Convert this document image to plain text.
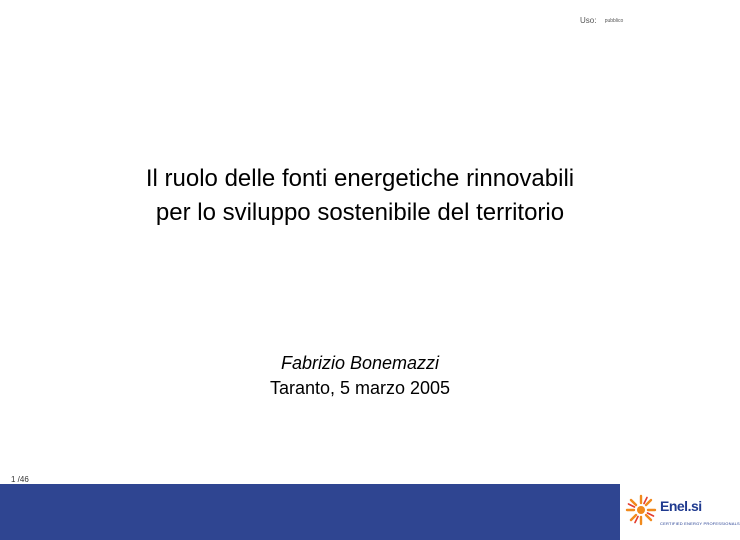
Uso: pubblico
Il ruolo delle fonti energetiche rinnovabili
per lo sviluppo sostenibile del territorio
Fabrizio Bonemazzi
Taranto, 5 marzo 2005
1 /46
Enel.si
CERTIFIED ENERGY PROFESSIONALS
